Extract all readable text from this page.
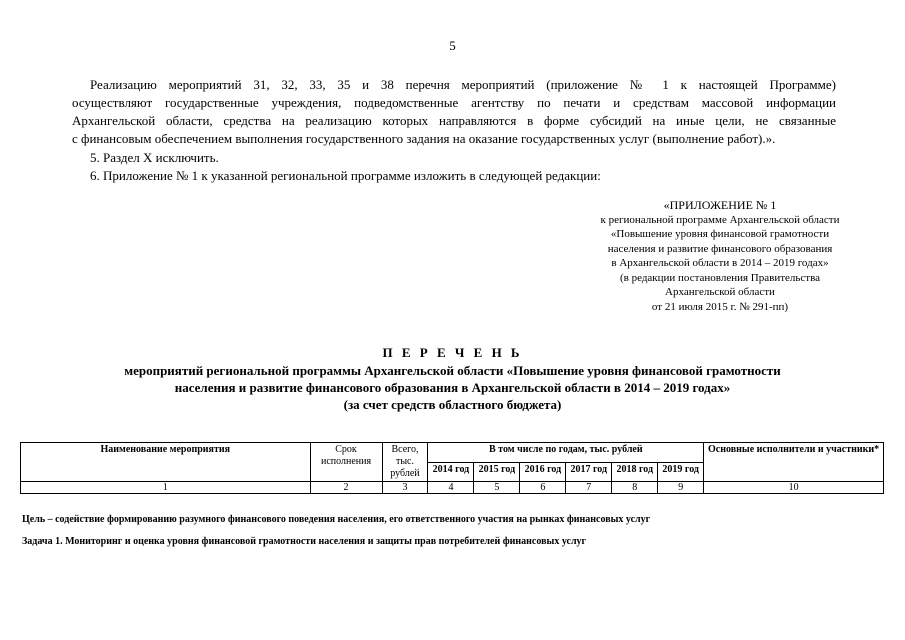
5
Реализацию мероприятий 31, 32, 33, 35 и 38 перечня мероприятий (приложение № 1 к настоящей Программе)
осуществляют государственные учреждения, подведомственные агентству по печати и средствам массовой информации
Архангельской области, средства на реализацию которых направляются в форме субсидий на иные цели, не связанные
с финансовым обеспечением выполнения государственного задания на оказание государственных услуг (выполнение работ).».
5. Раздел X исключить.
6. Приложение № 1 к указанной региональной программе изложить в следующей редакции:
«ПРИЛОЖЕНИЕ № 1
к региональной программе Архангельской области
«Повышение уровня финансовой грамотности
населения и развитие финансового образования
в Архангельской области в 2014 – 2019 годах»
(в редакции постановления Правительства
Архангельской области
от 21 июля 2015 г. № 291-пп)
П Е Р Е Ч Е Н Ь
мероприятий региональной программы Архангельской области «Повышение уровня финансовой грамотности
населения и развитие финансового образования в Архангельской области в 2014 – 2019 годах»
(за счет средств областного бюджета)
Наименование мероприятия	Срок исполнения	Всего, тыс. рублей	В том числе по годам, тыс. рублей						Основные исполнители и участники*
			2014 год	2015 год	2016 год	2017 год	2018 год	2019 год	
1	2	3	4	5	6	7	8	9	10
Цель – содействие формированию разумного финансового поведения населения, его ответственного участия на рынках финансовых услуг
Задача 1. Мониторинг и оценка уровня финансовой грамотности населения и защиты прав потребителей финансовых услуг
